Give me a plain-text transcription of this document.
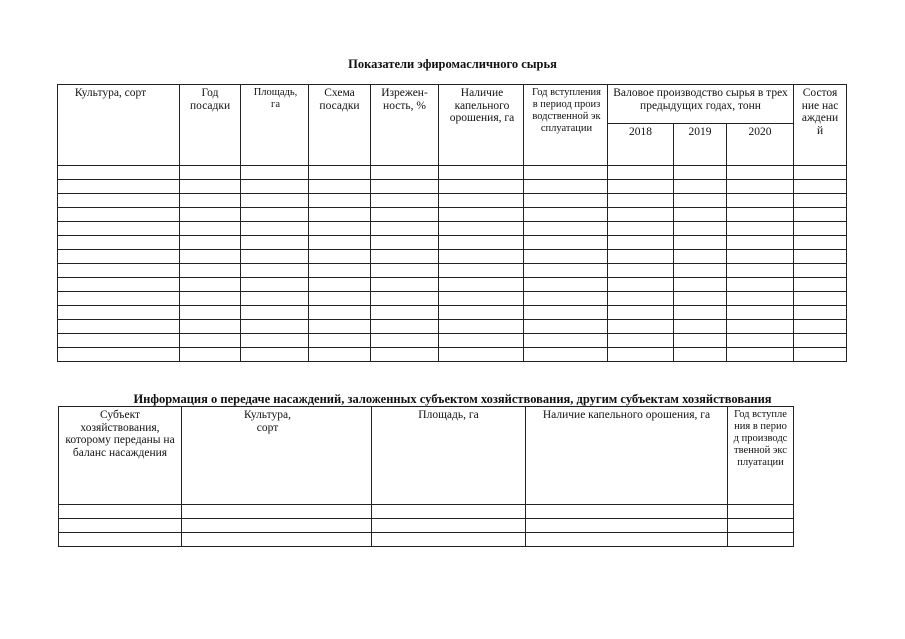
Показатели эфиромасличного сырья
Культура, сорт	Год посадки	Площадь, га	Схема посадки	Изрежен-ность, %	Наличие капельного орошения, га	Год вступления в период производственной эксплуатации	Валовое производство сырья в трех предыдущих годах, тонн			Состояние насаждений
							2018	2019	2020	

Информация о передаче насаждений, заложенных субъектом хозяйствования, другим субъектам хозяйствования
Субъект хозяйствования, которому переданы на баланс насаждения	Культура, сорт	Площадь, га	Наличие капельного орошения, га	Год вступления в период производственной эксплуатации
